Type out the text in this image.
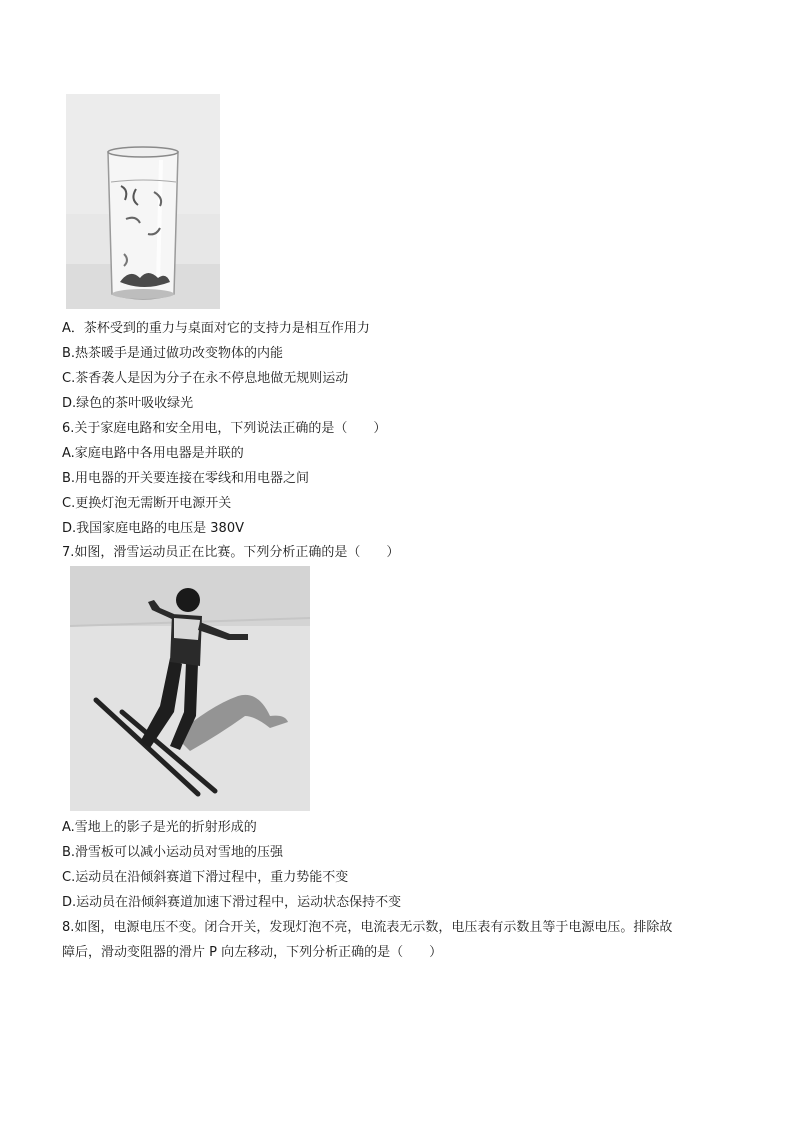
A．茶杯受到的重力与桌面对它的支持力是相互作用力
B.热茶暖手是通过做功改变物体的内能
C.茶香袭人是因为分子在永不停息地做无规则运动
D.绿色的茶叶吸收绿光
6.关于家庭电路和安全用电，下列说法正确的是（　　）
A.家庭电路中各用电器是并联的
B.用电器的开关要连接在零线和用电器之间
C.更换灯泡无需断开电源开关
D.我国家庭电路的电压是 380V
7.如图，滑雪运动员正在比赛。下列分析正确的是（　　）
A.雪地上的影子是光的折射形成的
B.滑雪板可以减小运动员对雪地的压强
C.运动员在沿倾斜赛道下滑过程中，重力势能不变
D.运动员在沿倾斜赛道加速下滑过程中，运动状态保持不变
8.如图，电源电压不变。闭合开关，发现灯泡不亮，电流表无示数，电压表有示数且等于电源电压。排除故
障后，滑动变阻器的滑片 P 向左移动，下列分析正确的是（　　）
